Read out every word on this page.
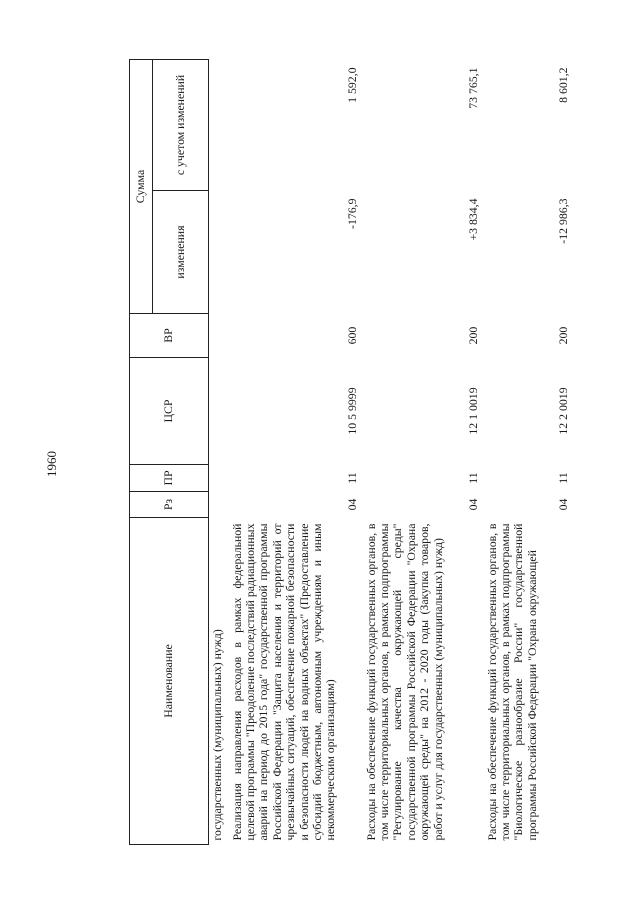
1960
Наименование	Рз	ПР	ЦСР	ВР	Сумма	
					изменения	с учетом изменений
государственных (муниципальных) нужд)						
Реализация направления расходов в рамках федеральной целевой программы "Преодоление последствий радиационных аварий на период до 2015 года" государственной программы Российской Федерации "Защита населения и территорий от чрезвычайных ситуаций, обеспечение пожарной безопасности и безопасности людей на водных объектах" (Предоставление субсидий бюджетным, автономным учреждениям и иным некоммерческим организациям)	04	11	10 5 9999	600	-176,9	1 592,0
Расходы на обеспечение функций государственных органов, в том числе территориальных органов, в рамках подпрограммы "Регулирование качества окружающей среды" государственной программы Российской Федерации "Охрана окружающей среды" на 2012 - 2020 годы (Закупка товаров, работ и услуг для государственных (муниципальных) нужд)	04	11	12 1 0019	200	+3 834,4	73 765,1
Расходы на обеспечение функций государственных органов, в том числе территориальных органов, в рамках подпрограммы "Биологическое разнообразие России" государственной программы Российской Федерации "Охрана окружающей	04	11	12 2 0019	200	-12 986,3	8 601,2
